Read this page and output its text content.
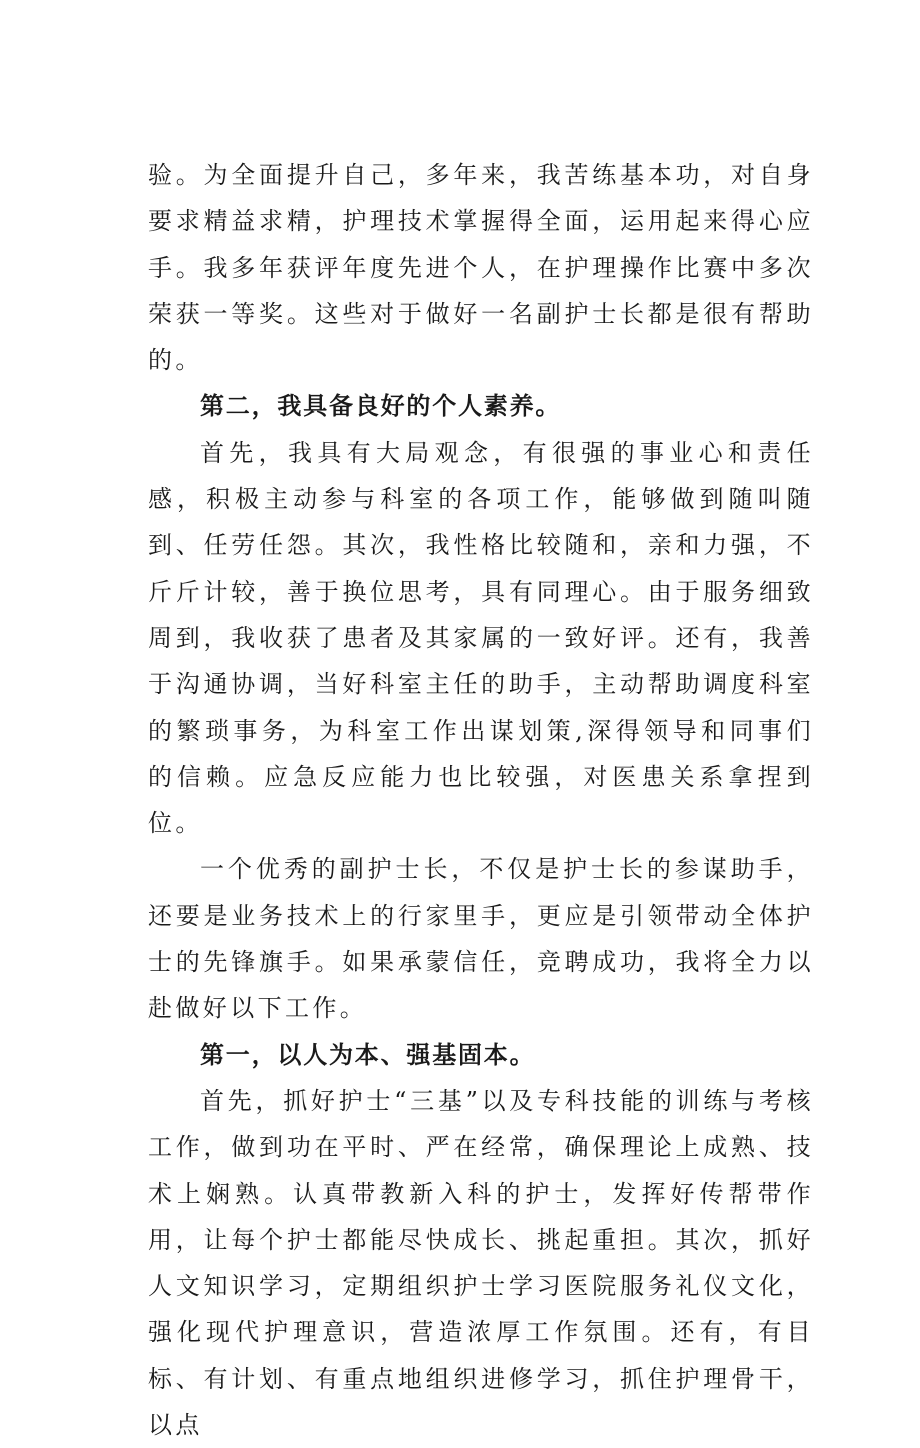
验。为全面提升自己，多年来，我苦练基本功，对自身要求精益求精，护理技术掌握得全面，运用起来得心应手。我多年获评年度先进个人，在护理操作比赛中多次荣获一等奖。这些对于做好一名副护士长都是很有帮助的。

第二，我具备良好的个人素养。

首先，我具有大局观念，有很强的事业心和责任感，积极主动参与科室的各项工作，能够做到随叫随到、任劳任怨。其次，我性格比较随和，亲和力强，不斤斤计较，善于换位思考，具有同理心。由于服务细致周到，我收获了患者及其家属的一致好评。还有，我善于沟通协调，当好科室主任的助手，主动帮助调度科室的繁琐事务，为科室工作出谋划策,深得领导和同事们的信赖。应急反应能力也比较强，对医患关系拿捏到位。

一个优秀的副护士长，不仅是护士长的参谋助手，还要是业务技术上的行家里手，更应是引领带动全体护士的先锋旗手。如果承蒙信任，竞聘成功，我将全力以赴做好以下工作。

第一，以人为本、强基固本。

首先，抓好护士“三基”以及专科技能的训练与考核工作，做到功在平时、严在经常，确保理论上成熟、技术上娴熟。认真带教新入科的护士，发挥好传帮带作用，让每个护士都能尽快成长、挑起重担。其次，抓好人文知识学习，定期组织护士学习医院服务礼仪文化，强化现代护理意识，营造浓厚工作氛围。还有，有目标、有计划、有重点地组织进修学习，抓住护理骨干，以点
